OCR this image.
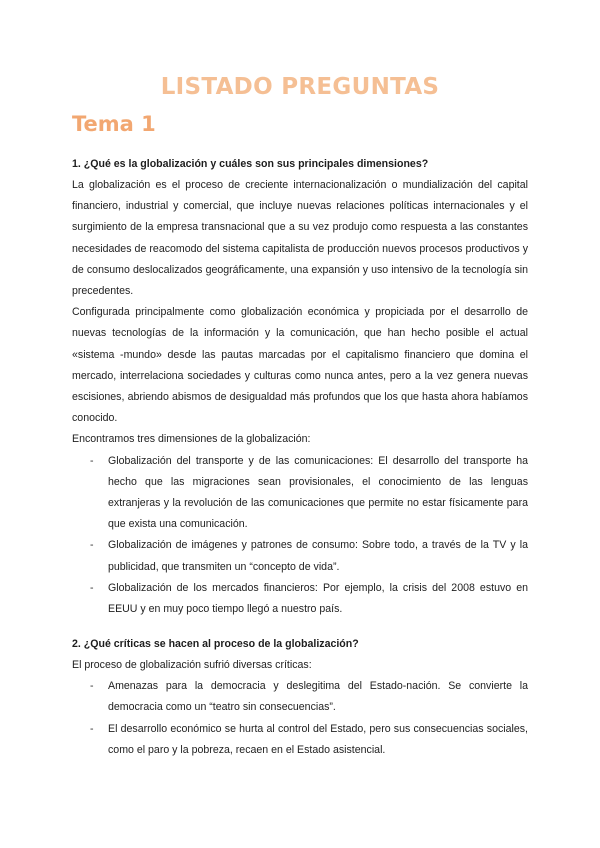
LISTADO PREGUNTAS
Tema 1
1. ¿Qué es la globalización y cuáles son sus principales dimensiones?

La globalización es el proceso de creciente internacionalización o mundialización del capital financiero, industrial y comercial, que incluye nuevas relaciones políticas internacionales y el surgimiento de la empresa transnacional que a su vez produjo como respuesta a las constantes necesidades de reacomodo del sistema capitalista de producción nuevos procesos productivos y de consumo deslocalizados geográficamente, una expansión y uso intensivo de la tecnología sin precedentes.

Configurada principalmente como globalización económica y propiciada por el desarrollo de nuevas tecnologías de la información y la comunicación, que han hecho posible el actual «sistema -mundo» desde las pautas marcadas por el capitalismo financiero que domina el mercado, interrelaciona sociedades y culturas como nunca antes, pero a la vez genera nuevas escisiones, abriendo abismos de desigualdad más profundos que los que hasta ahora habíamos conocido.

Encontramos tres dimensiones de la globalización:

- Globalización del transporte y de las comunicaciones: El desarrollo del transporte ha hecho que las migraciones sean provisionales, el conocimiento de las lenguas extranjeras y la revolución de las comunicaciones que permite no estar físicamente para que exista una comunicación.
- Globalización de imágenes y patrones de consumo: Sobre todo, a través de la TV y la publicidad, que transmiten un “concepto de vida”.
- Globalización de los mercados financieros: Por ejemplo, la crisis del 2008 estuvo en EEUU y en muy poco tiempo llegó a nuestro país.
2. ¿Qué críticas se hacen al proceso de la globalización?

El proceso de globalización sufrió diversas críticas:

- Amenazas para la democracia y deslegitima del Estado-nación. Se convierte la democracia como un “teatro sin consecuencias”.
- El desarrollo económico se hurta al control del Estado, pero sus consecuencias sociales, como el paro y la pobreza, recaen en el Estado asistencial.
